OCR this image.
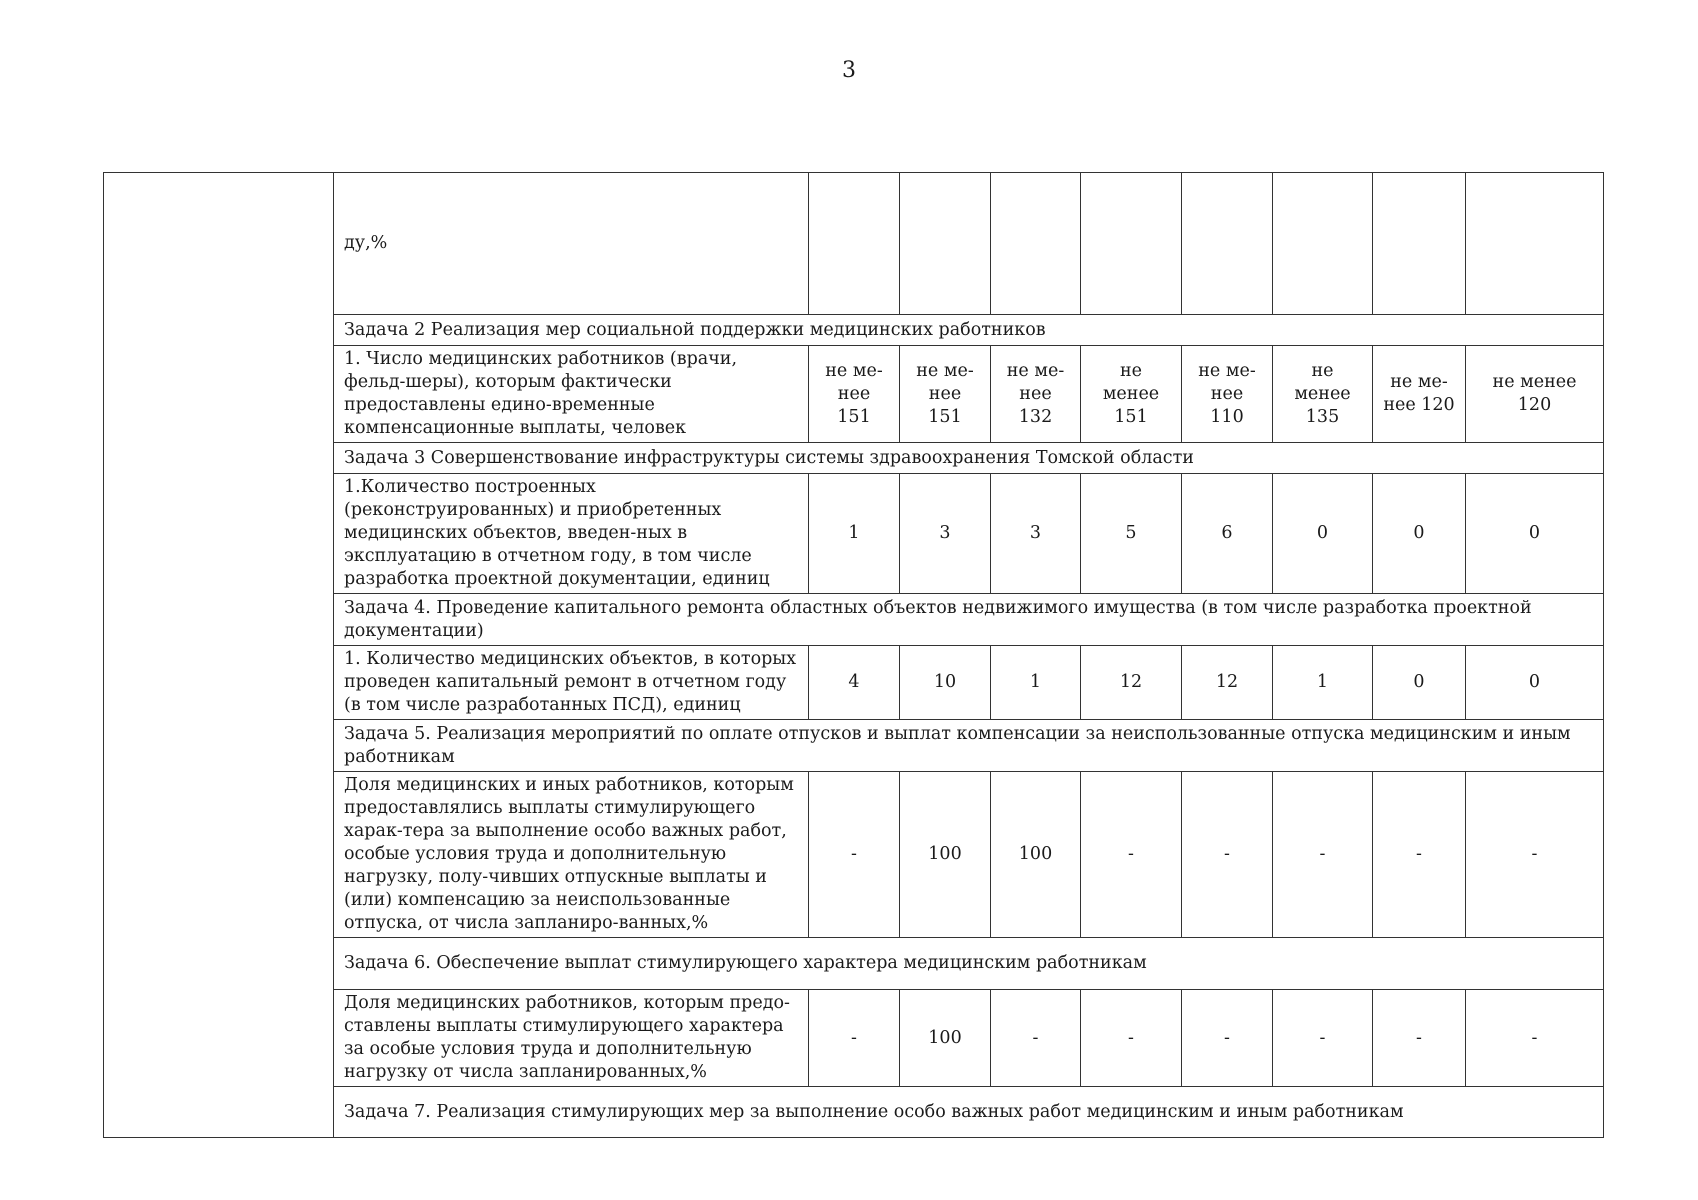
3
	ду,%								
	Задача 2 Реализация мер социальной поддержки медицинских работников								
	1. Число медицинских работников (врачи, фельд-шеры), которым фактически предоставлены едино-временные компенсационные выплаты, человек	не ме-нее 151	не ме-нее 151	не ме-нее 132	не менее 151	не ме-нее 110	не менее 135	не ме-нее 120	не менее 120
	Задача 3 Совершенствование инфраструктуры системы здравоохранения Томской области								
	1.Количество построенных (реконструированных) и приобретенных медицинских объектов, введен-ных в эксплуатацию в отчетном году, в том числе разработка проектной документации, единиц	1	3	3	5	6	0	0	0
	Задача 4. Проведение капитального ремонта областных объектов недвижимого имущества (в том числе разработка проектной документации)								
	1. Количество медицинских объектов, в которых проведен капитальный ремонт в отчетном году (в том числе разработанных ПСД), единиц	4	10	1	12	12	1	0	0
	Задача 5. Реализация мероприятий по оплате отпусков и выплат компенсации за неиспользованные отпуска медицинским и иным работникам								
	Доля медицинских и иных работников, которым предоставлялись выплаты стимулирующего харак-тера за выполнение особо важных работ, особые условия труда и дополнительную нагрузку, полу-чивших отпускные выплаты и (или) компенсацию за неиспользованные отпуска, от числа запланиро-ванных,%	-	100	100	-	-	-	-	-
	Задача 6. Обеспечение выплат стимулирующего характера медицинским работникам								
	Доля медицинских работников, которым предо-ставлены выплаты стимулирующего характера за особые условия труда и дополнительную нагрузку от числа запланированных,%	-	100	-	-	-	-	-	-
	Задача 7. Реализация стимулирующих мер за выполнение особо важных работ медицинским и иным работникам								
